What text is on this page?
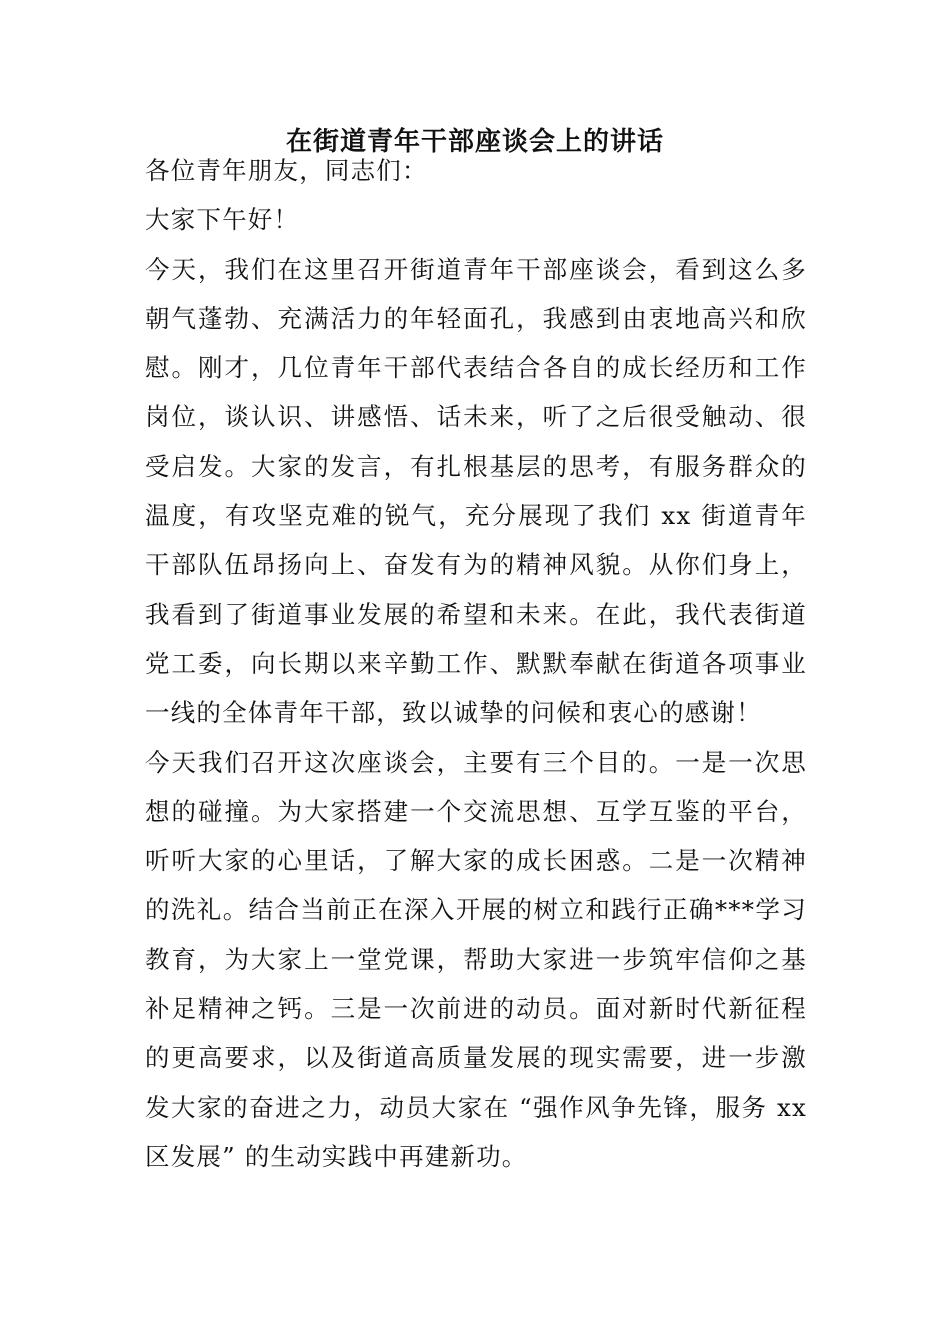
在街道青年干部座谈会上的讲话

各位青年朋友，同志们：

大家下午好！

今天，我们在这里召开街道青年干部座谈会，看到这么多朝气蓬勃、充满活力的年轻面孔，我感到由衷地高兴和欣慰。刚才，几位青年干部代表结合各自的成长经历和工作岗位，谈认识、讲感悟、话未来，听了之后很受触动、很受启发。大家的发言，有扎根基层的思考，有服务群众的温度，有攻坚克难的锐气，充分展现了我们 xx 街道青年干部队伍昂扬向上、奋发有为的精神风貌。从你们身上，我看到了街道事业发展的希望和未来。在此，我代表街道党工委，向长期以来辛勤工作、默默奉献在街道各项事业一线的全体青年干部，致以诚挚的问候和衷心的感谢！

今天我们召开这次座谈会，主要有三个目的。一是一次思想的碰撞。为大家搭建一个交流思想、互学互鉴的平台，听听大家的心里话，了解大家的成长困惑。二是一次精神的洗礼。结合当前正在深入开展的树立和践行正确***学习教育，为大家上一堂党课，帮助大家进一步筑牢信仰之基补足精神之钙。三是一次前进的动员。面对新时代新征程的更高要求，以及街道高质量发展的现实需要，进一步激发大家的奋进之力，动员大家在 “强作风争先锋，服务 xx 区发展” 的生动实践中再建新功。
